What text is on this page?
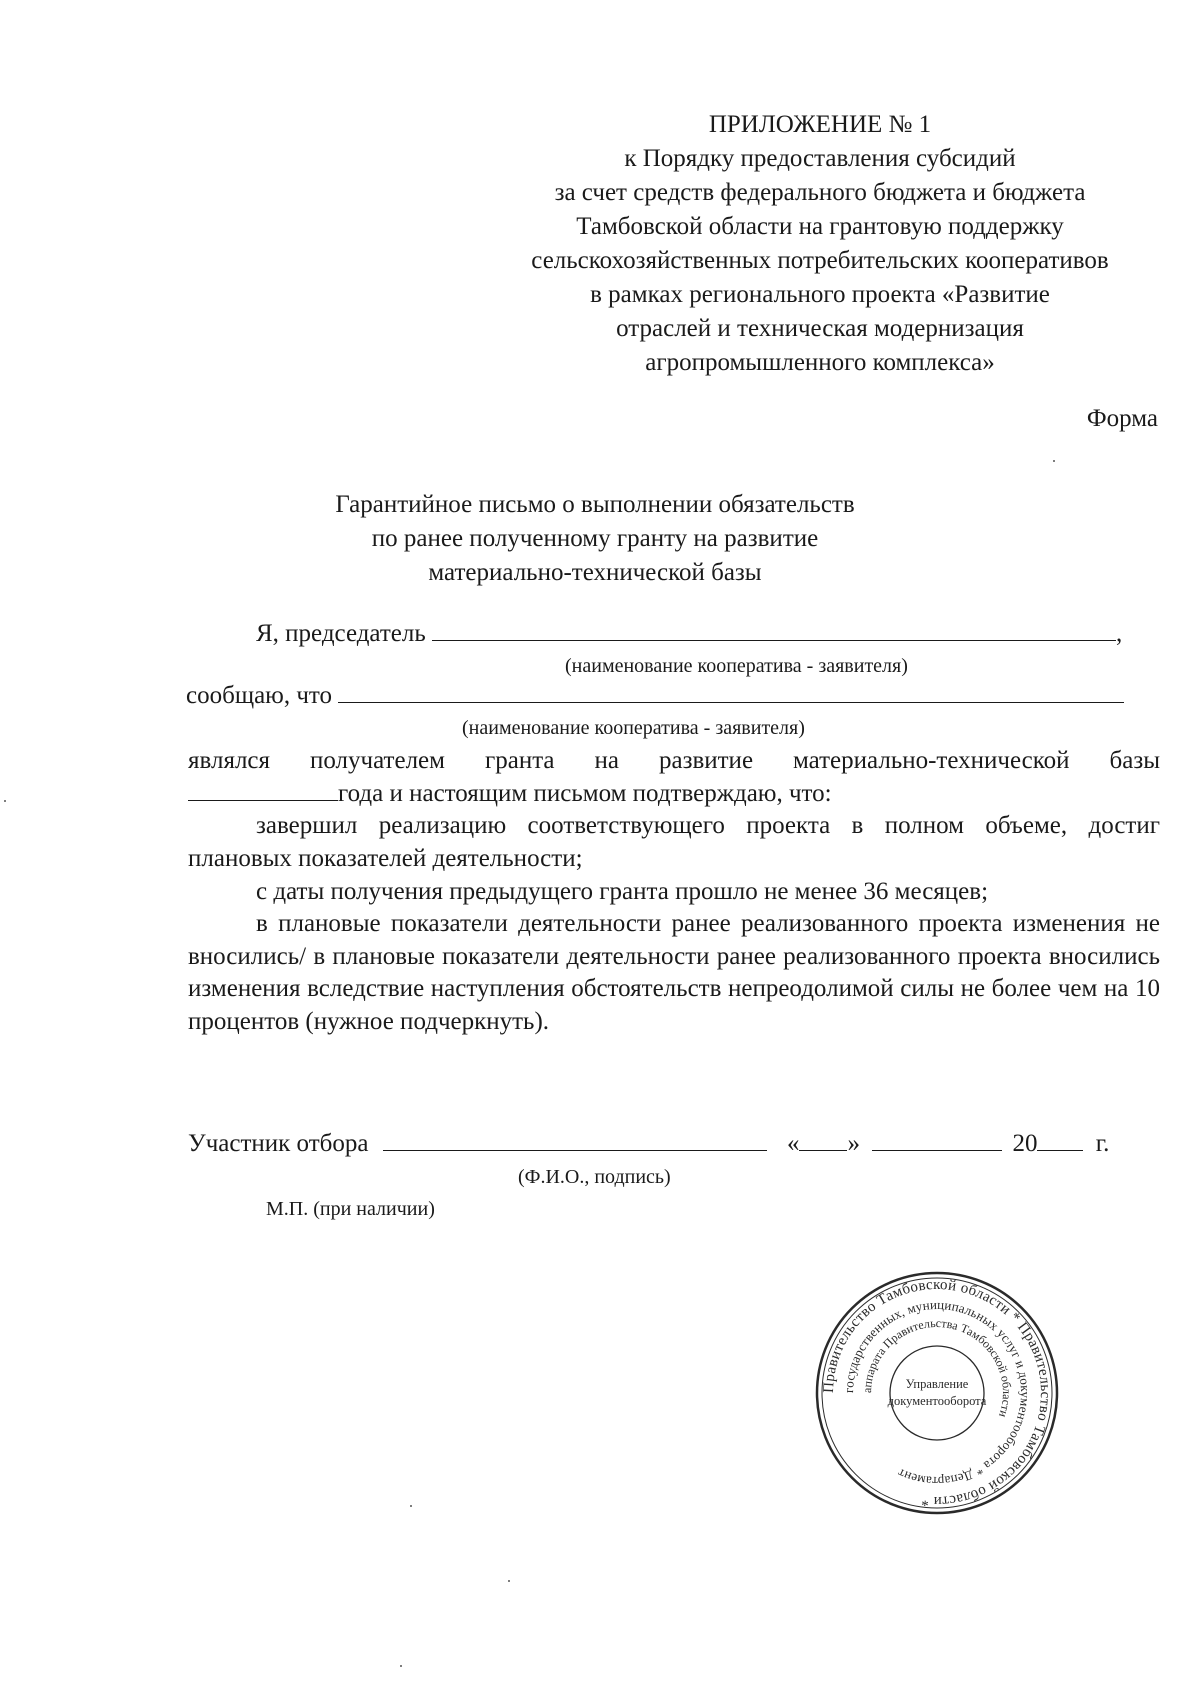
ПРИЛОЖЕНИЕ № 1
к Порядку предоставления субсидий
за счет средств федерального бюджета и бюджета
Тамбовской области на грантовую поддержку
сельскохозяйственных потребительских кооперативов
в рамках регионального проекта «Развитие
отраслей и техническая модернизация
агропромышленного комплекса»
Форма
Гарантийное письмо о выполнении обязательств
по ранее полученному гранту на развитие
материально-технической базы
Я, председатель	,
(наименование кооператива - заявителя)
сообщаю, что
(наименование кооператива - заявителя)
являлся получателем гранта на развитие материально-технической базы
года и настоящим письмом подтверждаю, что:
завершил реализацию соответствующего проекта в полном объеме, достиг плановых показателей деятельности;
с даты получения предыдущего гранта прошло не менее 36 месяцев;
в плановые показатели деятельности ранее реализованного проекта изменения не вносились/ в плановые показатели деятельности ранее реализованного проекта вносились изменения вследствие наступления обстоятельств непреодолимой силы не более чем на 10 процентов (нужное подчеркнуть).
Участник отбора	« »	20 г.
(Ф.И.О., подпись)
М.П. (при наличии)
Правительство Тамбовской области * Правительство Тамбовской области *
государственных, муниципальных услуг и документооборота * Департамент
аппарата Правительства Тамбовской области
Управление
документооборота
